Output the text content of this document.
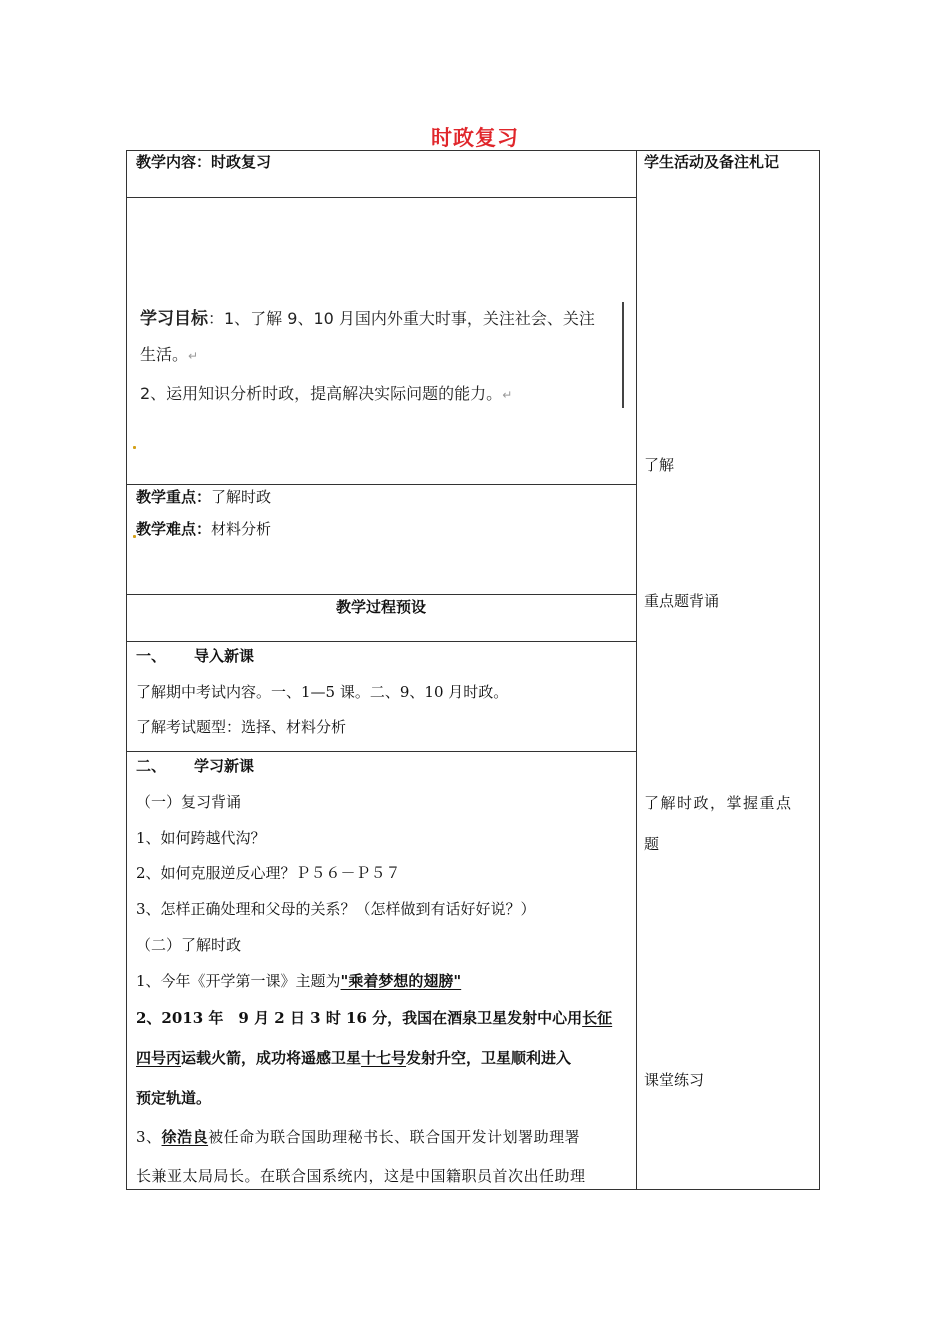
时政复习
教学内容：时政复习	学生活动及备注札记
学习目标：1、了解 9、10 月国内外重大时事，关注社会、关注
生活。↵
2、运用知识分析时政，提高解决实际问题的能力。↵
教学重点：了解时政
教学难点：材料分析
教学过程预设
一、 导入新课
了解期中考试内容。一、1—5 课。二、9、10 月时政。
了解考试题型：选择、材料分析
二、 学习新课
（一）复习背诵
1、如何跨越代沟？
2、如何克服逆反心理？Ｐ５６－Ｐ５７
3、怎样正确处理和父母的关系？（怎样做到有话好好说？）
（二）了解时政
1、今年《开学第一课》主题为"乘着梦想的翅膀"
2、2013 年　9 月 2 日 3 时 16 分，我国在酒泉卫星发射中心用长征
四号丙运载火箭，成功将遥感卫星十七号发射升空，卫星顺利进入
预定轨道。
3、徐浩良被任命为联合国助理秘书长、联合国开发计划署助理署
长兼亚太局局长。在联合国系统内，这是中国籍职员首次出任助理
了解
重点题背诵
了解时政，掌握重点
题
课堂练习
